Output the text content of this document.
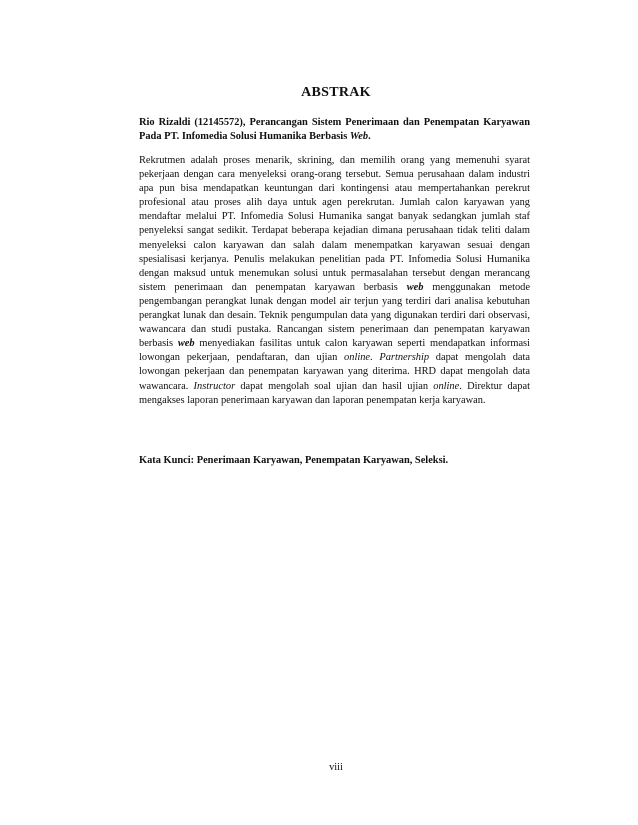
ABSTRAK
Rio Rizaldi (12145572), Perancangan Sistem Penerimaan dan Penempatan Karyawan Pada PT. Infomedia Solusi Humanika Berbasis Web.

Rekrutmen adalah proses menarik, skrining, dan memilih orang yang memenuhi syarat pekerjaan dengan cara menyeleksi orang-orang tersebut. Semua perusahaan dalam industri apa pun bisa mendapatkan keuntungan dari kontingensi atau mempertahankan perekrut profesional atau proses alih daya untuk agen perekrutan. Jumlah calon karyawan yang mendaftar melalui PT. Infomedia Solusi Humanika sangat banyak sedangkan jumlah staf penyeleksi sangat sedikit. Terdapat beberapa kejadian dimana perusahaan tidak teliti dalam menyeleksi calon karyawan dan salah dalam menempatkan karyawan sesuai dengan spesialisasi kerjanya. Penulis melakukan penelitian pada PT. Infomedia Solusi Humanika dengan maksud untuk menemukan solusi untuk permasalahan tersebut dengan merancang sistem penerimaan dan penempatan karyawan berbasis web menggunakan metode pengembangan perangkat lunak dengan model air terjun yang terdiri dari analisa kebutuhan perangkat lunak dan desain. Teknik pengumpulan data yang digunakan terdiri dari observasi, wawancara dan studi pustaka. Rancangan sistem penerimaan dan penempatan karyawan berbasis web menyediakan fasilitas untuk calon karyawan seperti mendapatkan informasi lowongan pekerjaan, pendaftaran, dan ujian online. Partnership dapat mengolah data lowongan pekerjaan dan penempatan karyawan yang diterima. HRD dapat mengolah data wawancara. Instructor dapat mengolah soal ujian dan hasil ujian online. Direktur dapat mengakses laporan penerimaan karyawan dan laporan penempatan kerja karyawan.

Kata Kunci: Penerimaan Karyawan, Penempatan Karyawan, Seleksi.
viii
